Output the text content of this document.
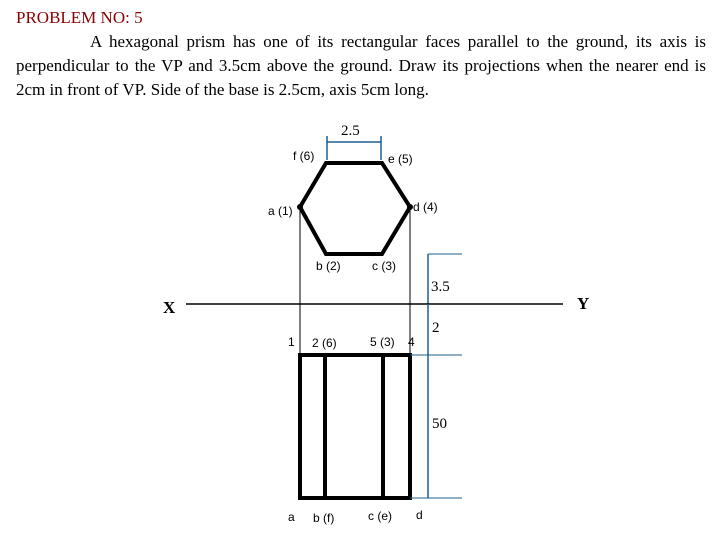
PROBLEM NO: 5
A hexagonal prism has one of its rectangular faces parallel to the ground, its axis is perpendicular to the VP and 3.5cm above the ground. Draw its projections when the nearer end is 2cm in front of VP. Side of the base is 2.5cm, axis 5cm long.
2.5
f (6)	e (5)
a (1)	d (4)
b (2)	c (3)
3.5
X	Y
2
1 2 (6)	5 (3) 4
50
a b (f)	c (e) d
